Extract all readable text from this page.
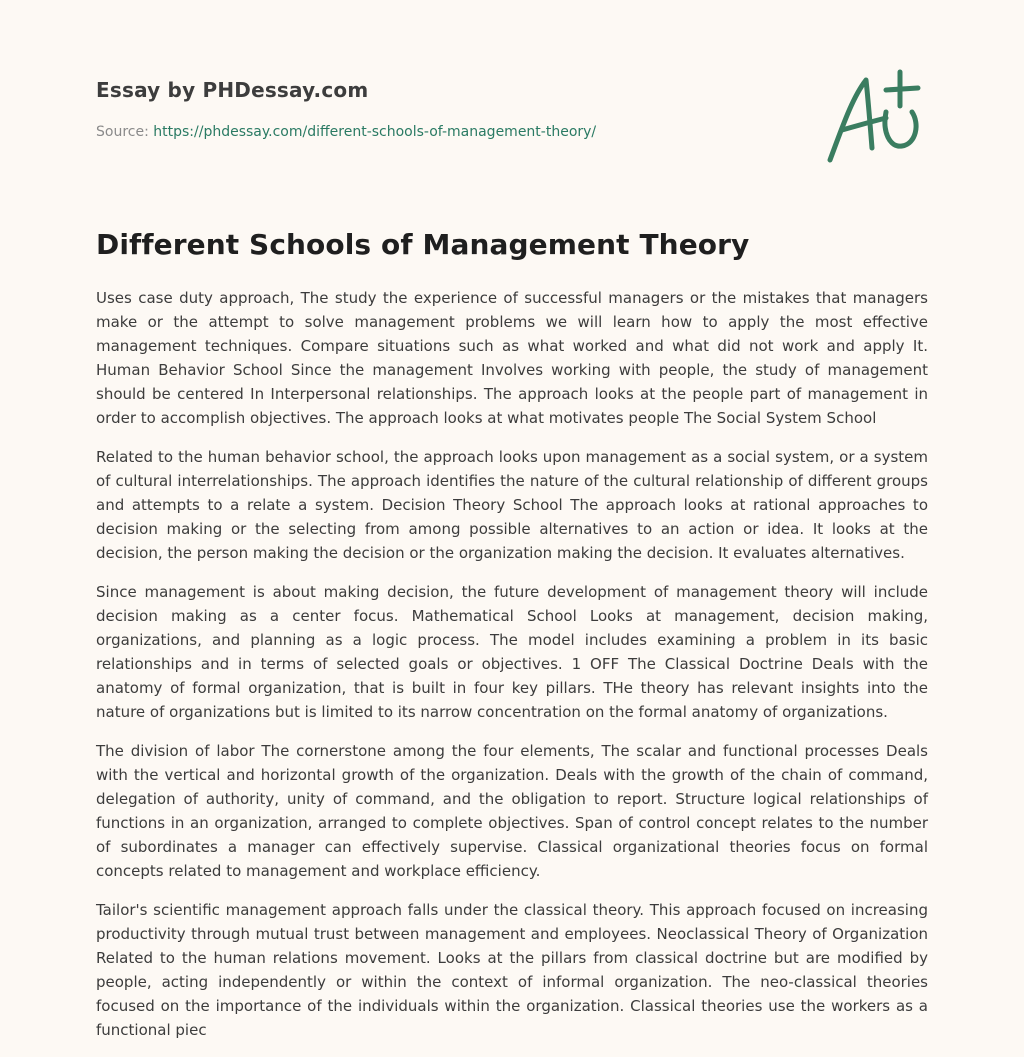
Essay by PHDessay.com
Source: https://phdessay.com/different-schools-of-management-theory/
Different Schools of Management Theory

Uses case duty approach, The study the experience of successful managers or the mistakes that managers make or the attempt to solve management problems we will learn how to apply the most effective management techniques. Compare situations such as what worked and what did not work and apply It. Human Behavior School Since the management Involves working with people, the study of management should be centered In Interpersonal relationships. The approach looks at the people part of management in order to accomplish objectives. The approach looks at what motivates people The Social System School

Related to the human behavior school, the approach looks upon management as a social system, or a system of cultural interrelationships. The approach identifies the nature of the cultural relationship of different groups and attempts to a relate a system. Decision Theory School The approach looks at rational approaches to decision making or the selecting from among possible alternatives to an action or idea. It looks at the decision, the person making the decision or the organization making the decision. It evaluates alternatives.

Since management is about making decision, the future development of management theory will include decision making as a center focus. Mathematical School Looks at management, decision making, organizations, and planning as a logic process. The model includes examining a problem in its basic relationships and in terms of selected goals or objectives. 1 OFF The Classical Doctrine Deals with the anatomy of formal organization, that is built in four key pillars. THe theory has relevant insights into the nature of organizations but is limited to its narrow concentration on the formal anatomy of organizations.

The division of labor The cornerstone among the four elements, The scalar and functional processes Deals with the vertical and horizontal growth of the organization. Deals with the growth of the chain of command, delegation of authority, unity of command, and the obligation to report. Structure logical relationships of functions in an organization, arranged to complete objectives. Span of control concept relates to the number of subordinates a manager can effectively supervise. Classical organizational theories focus on formal concepts related to management and workplace efficiency.

Tailor's scientific management approach falls under the classical theory. This approach focused on increasing productivity through mutual trust between management and employees. Neoclassical Theory of Organization Related to the human relations movement. Looks at the pillars from classical doctrine but are modified by people, acting independently or within the context of informal organization. The neo-classical theories focused on the importance of the individuals within the organization. Classical theories use the workers as a functional piec
